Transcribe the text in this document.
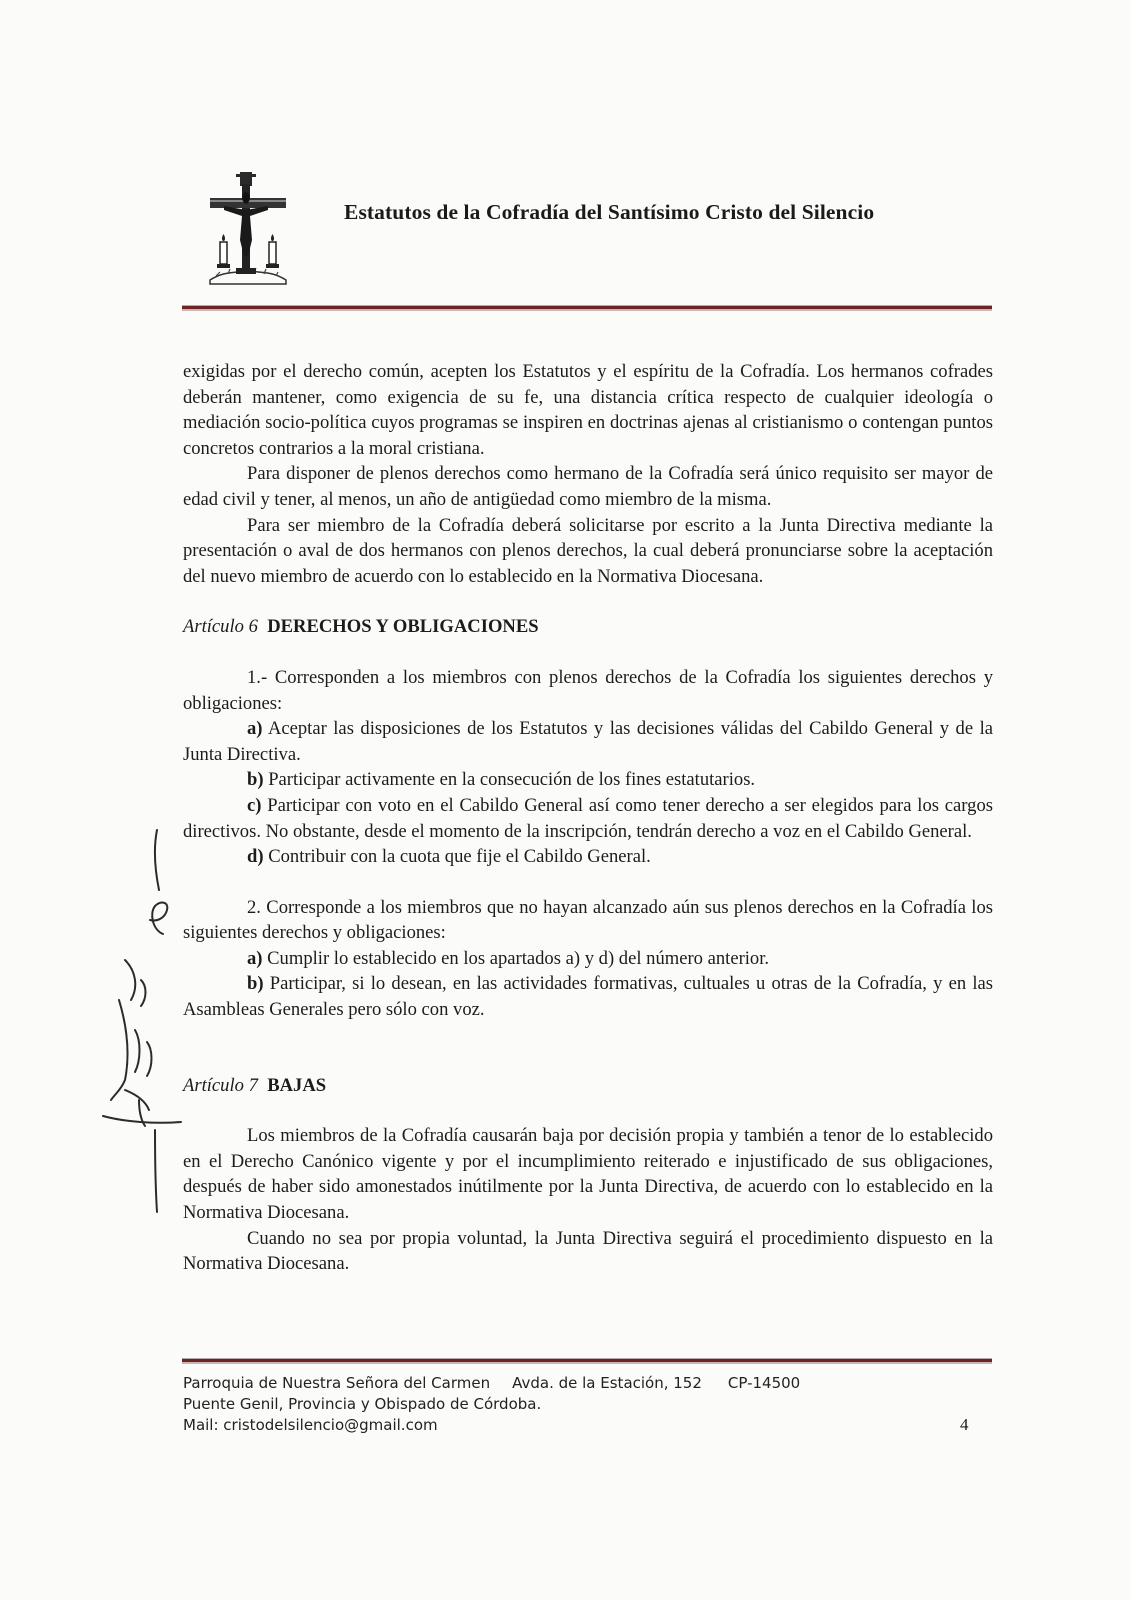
Estatutos de la Cofradía del Santísimo Cristo del Silencio

exigidas por el derecho común, acepten los Estatutos y el espíritu de la Cofradía. Los hermanos cofrades deberán mantener, como exigencia de su fe, una distancia crítica respecto de cualquier ideología o mediación socio-política cuyos programas se inspiren en doctrinas ajenas al cristianismo o contengan puntos concretos contrarios a la moral cristiana.

Para disponer de plenos derechos como hermano de la Cofradía será único requisito ser mayor de edad civil y tener, al menos, un año de antigüedad como miembro de la misma.

Para ser miembro de la Cofradía deberá solicitarse por escrito a la Junta Directiva mediante la presentación o aval de dos hermanos con plenos derechos, la cual deberá pronunciarse sobre la aceptación del nuevo miembro de acuerdo con lo establecido en la Normativa Diocesana.

Artículo 6 DERECHOS Y OBLIGACIONES

1.- Corresponden a los miembros con plenos derechos de la Cofradía los siguientes derechos y obligaciones:

a) Aceptar las disposiciones de los Estatutos y las decisiones válidas del Cabildo General y de la Junta Directiva.

b) Participar activamente en la consecución de los fines estatutarios.

c) Participar con voto en el Cabildo General así como tener derecho a ser elegidos para los cargos directivos. No obstante, desde el momento de la inscripción, tendrán derecho a voz en el Cabildo General.

d) Contribuir con la cuota que fije el Cabildo General.

2. Corresponde a los miembros que no hayan alcanzado aún sus plenos derechos en la Cofradía los siguientes derechos y obligaciones:

a) Cumplir lo establecido en los apartados a) y d) del número anterior.

b) Participar, si lo desean, en las actividades formativas, cultuales u otras de la Cofradía, y en las Asambleas Generales pero sólo con voz.

Artículo 7 BAJAS

Los miembros de la Cofradía causarán baja por decisión propia y también a tenor de lo establecido en el Derecho Canónico vigente y por el incumplimiento reiterado e injustificado de sus obligaciones, después de haber sido amonestados inútilmente por la Junta Directiva, de acuerdo con lo establecido en la Normativa Diocesana.

Cuando no sea por propia voluntad, la Junta Directiva seguirá el procedimiento dispuesto en la Normativa Diocesana.

Parroquia de Nuestra Señora del Carmen Avda. de la Estación, 152 CP-14500
Puente Genil, Provincia y Obispado de Córdoba.
Mail: cristodelsilencio@gmail.com	4
